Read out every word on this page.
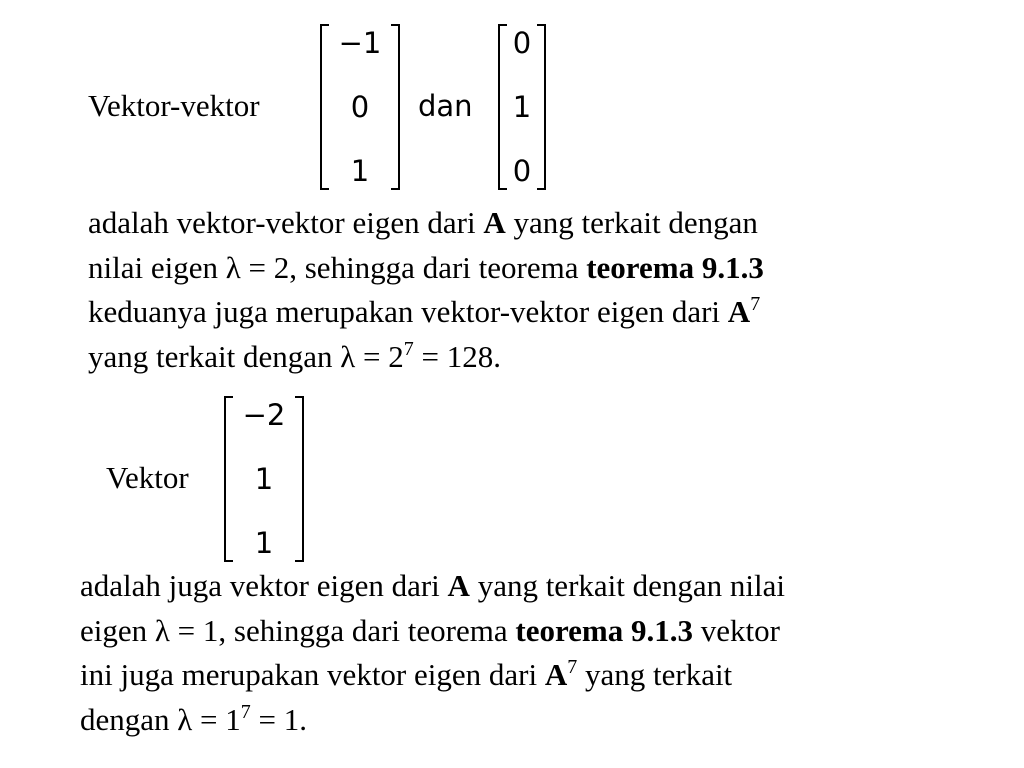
Vektor-vektor
−1
0
1
dan
0
1
0
adalah vektor-vektor eigen dari A yang terkait dengan
nilai eigen λ = 2, sehingga dari teorema teorema 9.1.3
keduanya juga merupakan vektor-vektor eigen dari $A^7$
yang terkait dengan $\lambda = 2^7 = 128$.
Vektor
−2
1
1
adalah juga vektor eigen dari A yang terkait dengan nilai
eigen λ = 1, sehingga dari teorema teorema 9.1.3 vektor
ini juga merupakan vektor eigen dari $A^7$ yang terkait
dengan $\lambda = 1^7 = 1$.
